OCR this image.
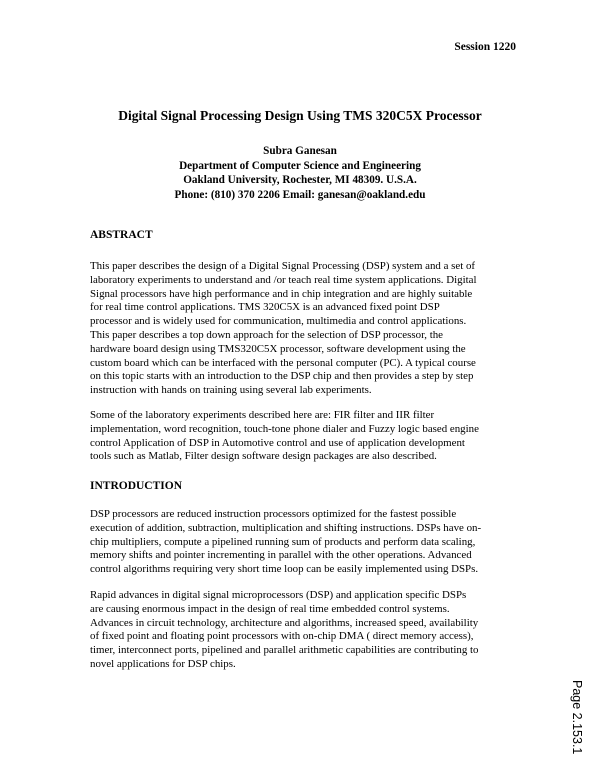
Session 1220
Digital Signal Processing Design Using TMS 320C5X Processor
Subra Ganesan
Department of Computer Science and Engineering
Oakland University, Rochester, MI 48309. U.S.A.
Phone: (810) 370 2206 Email: ganesan@oakland.edu
ABSTRACT
This paper describes the design of a Digital Signal Processing (DSP) system and a set of
laboratory experiments to understand and /or teach real time system applications. Digital
Signal processors have high performance and in chip integration and are highly suitable
for real time control applications. TMS 320C5X is an advanced fixed point DSP
processor and is widely used for communication, multimedia and control applications.
This paper describes a top down approach for the selection of DSP processor, the
hardware board design using TMS320C5X processor, software development using the
custom board which can be interfaced with the personal computer (PC). A typical course
on this topic starts with an introduction to the DSP chip and then provides a step by step
instruction with hands on training using several lab experiments.
Some of the laboratory experiments described here are: FIR filter and IIR filter
implementation, word recognition, touch-tone phone dialer and Fuzzy logic based engine
control Application of DSP in Automotive control and use of application development
tools such as Matlab, Filter design software design packages are also described.
INTRODUCTION
DSP processors are reduced instruction processors optimized for the fastest possible
execution of addition, subtraction, multiplication and shifting instructions. DSPs have on-
chip multipliers, compute a pipelined running sum of products and perform data scaling,
memory shifts and pointer incrementing in parallel with the other operations. Advanced
control algorithms requiring very short time loop can be easily implemented using DSPs.
Rapid advances in digital signal microprocessors (DSP) and application specific DSPs
are causing enormous impact in the design of real time embedded control systems.
Advances in circuit technology, architecture and algorithms, increased speed, availability
of fixed point and floating point processors with on-chip DMA ( direct memory access),
timer, interconnect ports, pipelined and parallel arithmetic capabilities are contributing to
novel applications for DSP chips.
Page 2.153.1
